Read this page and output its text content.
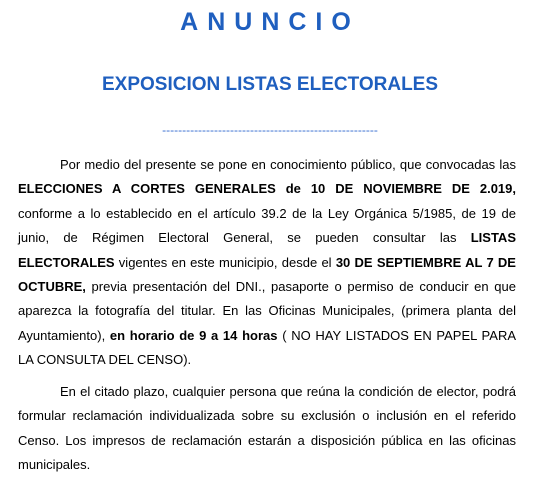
ANUNCIO
EXPOSICION LISTAS ELECTORALES
------------------------------------------------------
Por medio del presente se pone en conocimiento público, que convocadas las ELECCIONES A CORTES GENERALES de 10 DE NOVIEMBRE DE 2.019, conforme a lo establecido en el artículo 39.2 de la Ley Orgánica 5/1985, de 19 de junio, de Régimen Electoral General, se pueden consultar las LISTAS ELECTORALES vigentes en este municipio, desde el 30 DE SEPTIEMBRE AL 7 DE OCTUBRE, previa presentación del DNI., pasaporte o permiso de conducir en que aparezca la fotografía del titular. En las Oficinas Municipales, (primera planta del Ayuntamiento), en horario de 9 a 14 horas ( NO HAY LISTADOS EN PAPEL PARA LA CONSULTA DEL CENSO).
En el citado plazo, cualquier persona que reúna la condición de elector, podrá formular reclamación individualizada sobre su exclusión o inclusión en el referido Censo. Los impresos de reclamación estarán a disposición pública en las oficinas municipales.
